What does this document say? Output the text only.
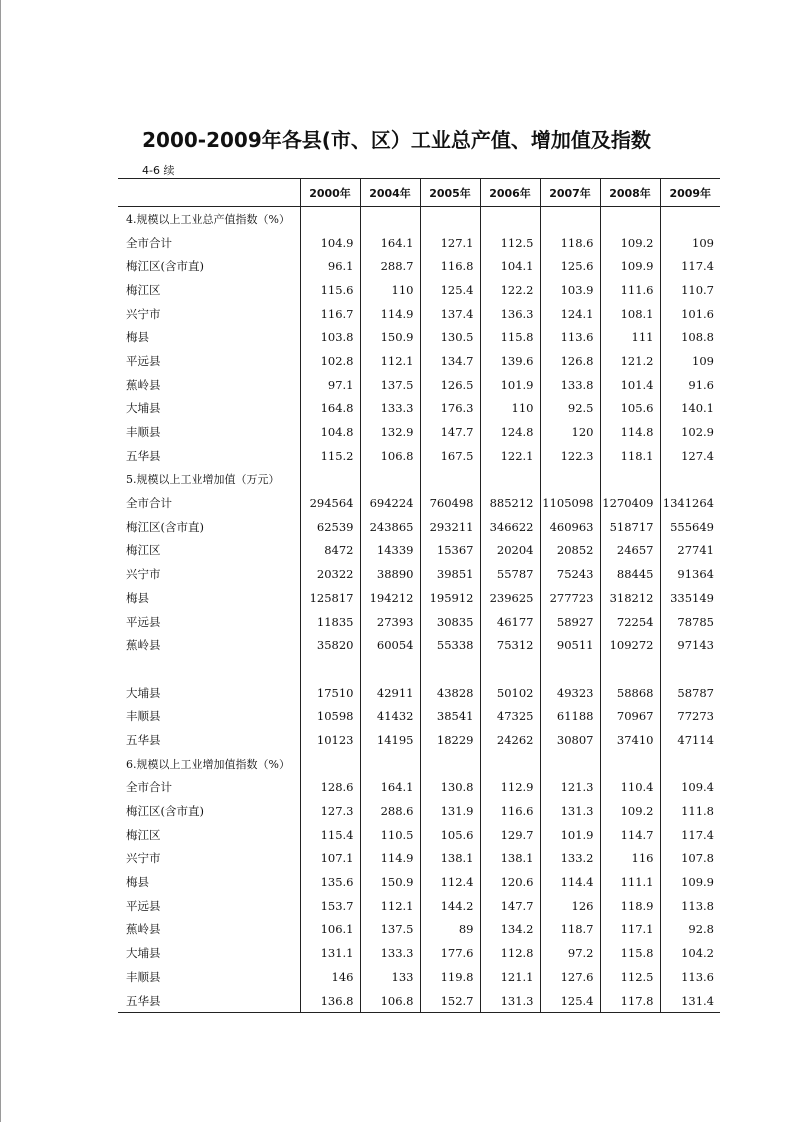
2000-2009年各县(市、区）工业总产值、增加值及指数
4-6 续
	2000年	2004年	2005年	2006年	2007年	2008年	2009年
4.规模以上工业总产值指数（%）							
全市合计	104.9	164.1	127.1	112.5	118.6	109.2	109
梅江区(含市直)	96.1	288.7	116.8	104.1	125.6	109.9	117.4
梅江区	115.6	110	125.4	122.2	103.9	111.6	110.7
兴宁市	116.7	114.9	137.4	136.3	124.1	108.1	101.6
梅县	103.8	150.9	130.5	115.8	113.6	111	108.8
平远县	102.8	112.1	134.7	139.6	126.8	121.2	109
蕉岭县	97.1	137.5	126.5	101.9	133.8	101.4	91.6
大埔县	164.8	133.3	176.3	110	92.5	105.6	140.1
丰顺县	104.8	132.9	147.7	124.8	120	114.8	102.9
五华县	115.2	106.8	167.5	122.1	122.3	118.1	127.4
5.规模以上工业增加值（万元）							
全市合计	294564	694224	760498	885212	1105098	1270409	1341264
梅江区(含市直)	62539	243865	293211	346622	460963	518717	555649
梅江区	8472	14339	15367	20204	20852	24657	27741
兴宁市	20322	38890	39851	55787	75243	88445	91364
梅县	125817	194212	195912	239625	277723	318212	335149
平远县	11835	27393	30835	46177	58927	72254	78785
蕉岭县	35820	60054	55338	75312	90511	109272	97143

大埔县	17510	42911	43828	50102	49323	58868	58787
丰顺县	10598	41432	38541	47325	61188	70967	77273
五华县	10123	14195	18229	24262	30807	37410	47114
6.规模以上工业增加值指数（%）							
全市合计	128.6	164.1	130.8	112.9	121.3	110.4	109.4
梅江区(含市直)	127.3	288.6	131.9	116.6	131.3	109.2	111.8
梅江区	115.4	110.5	105.6	129.7	101.9	114.7	117.4
兴宁市	107.1	114.9	138.1	138.1	133.2	116	107.8
梅县	135.6	150.9	112.4	120.6	114.4	111.1	109.9
平远县	153.7	112.1	144.2	147.7	126	118.9	113.8
蕉岭县	106.1	137.5	89	134.2	118.7	117.1	92.8
大埔县	131.1	133.3	177.6	112.8	97.2	115.8	104.2
丰顺县	146	133	119.8	121.1	127.6	112.5	113.6
五华县	136.8	106.8	152.7	131.3	125.4	117.8	131.4
